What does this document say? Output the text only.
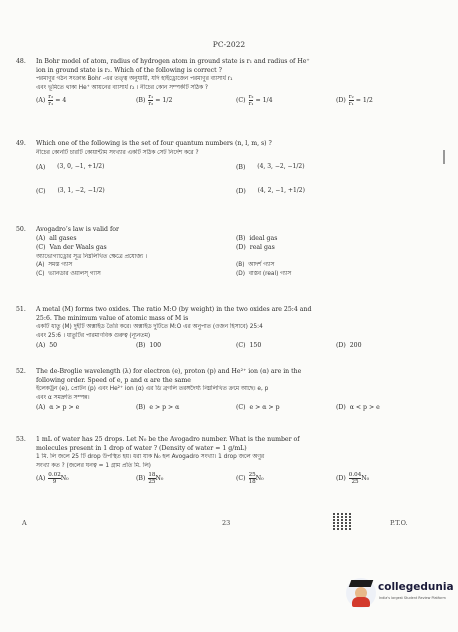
PC-2022
48. In Bohr model of atom, radius of hydrogen atom in ground state is r₁ and radius of He⁺
ion in ground state is r₂. Which of the following is correct ?
পরমাণুর গঠন সংক্রান্ত Bohr -এর তত্ত্ব অনুযায়ী, যদি হাইড্রোজেন পরমাণুর ব্যাসার্ধ r₁
এবং ভূমিতে থাকা He⁺ আয়নের ব্যাসার্ধ r₂ । নীচের কোন সম্পর্কটি সঠিক ?
$(A) \frac{\text{r₂}}{\text{r₁}} = 4$	$(B) \frac{\text{r₁}}{\text{r₂}} = 1/2$	$(C) \frac{\text{r₂}}{\text{r₁}} = 1/4$	$(D) \frac{\text{r₂}}{\text{r₁}} = 1/2$
49. Which one of the following is the set of four quantum numbers (n, l, m, s) ?
নীচের কোনটি চারটি কোয়ান্টাম সংখ্যার একটি সঠিক সেট নির্দেশ করে ?
(A) (3, 0, −1, +1/2)	(B) (4, 3, −2, −1/2)
(C) (3, 1, −2, −1/2)	(D) (4, 2, −1, +1/2)
50. Avogadro’s law is valid for
(A) all gases	(B) ideal gas
(C) Van der Waals gas	(D) real gas
অ্যাভোগ্যাড্রোর সূত্র নিম্নলিখিত ক্ষেত্রে প্রযোজ্য ।
(A) সমস্ত গ্যাস	(B) আদর্শ গ্যাস
(C) ভ্যানডার ওয়ালস্ গ্যাস	(D) বাস্তব (real) গ্যাস
51. A metal (M) forms two oxides. The ratio M:O (by weight) in the two oxides are 25:4 and
25:6. The minimum value of atomic mass of M is
একটি ধাতু (M) দুইটি অক্সাইড তৈরি করে। অক্সাইড দুটিতে M:O এর অনুপাত (ওজন হিসাবে) 25:4
এবং 25:6 । ধাতুটির পারমাণবিক গুরুত্ব (ন্যূনতম)
(A) 50	(B) 100	(C) 150	(D) 200
52. The de-Broglie wavelength (λ) for electron (e), proton (p) and He²⁺ ion (α) are in the
following order. Speed of e, p and α are the same
ইলেকট্রন (e), প্রোটন (p) এবং He²⁺ ion (α) এর ডি ব্রগলি তরঙ্গদৈর্ঘ্য নিম্নলিখিত ক্রমে আছে। e, p
এবং α সমদ্রুতি সম্পন্ন।
(A) α > p > e	(B) e > p > α	(C) e > α > p	(D) α < p > e
53. 1 mL of water has 25 drops. Let N₀ be the Avogadro number. What is the number of
molecules present in 1 drop of water ? (Density of water = 1 g/mL)
1 মি. লি জলে 25 টি drop উপস্থিত হয়। ধরা যাক N₀ হল Avogadro সংখ্যা। 1 drop জলে অণুর
সংখ্যা কত ? (জলের ঘনত্ব = 1 গ্রাম প্রতি মি. লি)
$(A) \frac{0.02}{9} N_0$	$(B) \frac{18}{25} N_0$	$(C) \frac{25}{18} N_0$	$(D) \frac{0.04}{25} N_0$
A	23	P.T.O.
collegedunia
India's largest Student Review Platform
